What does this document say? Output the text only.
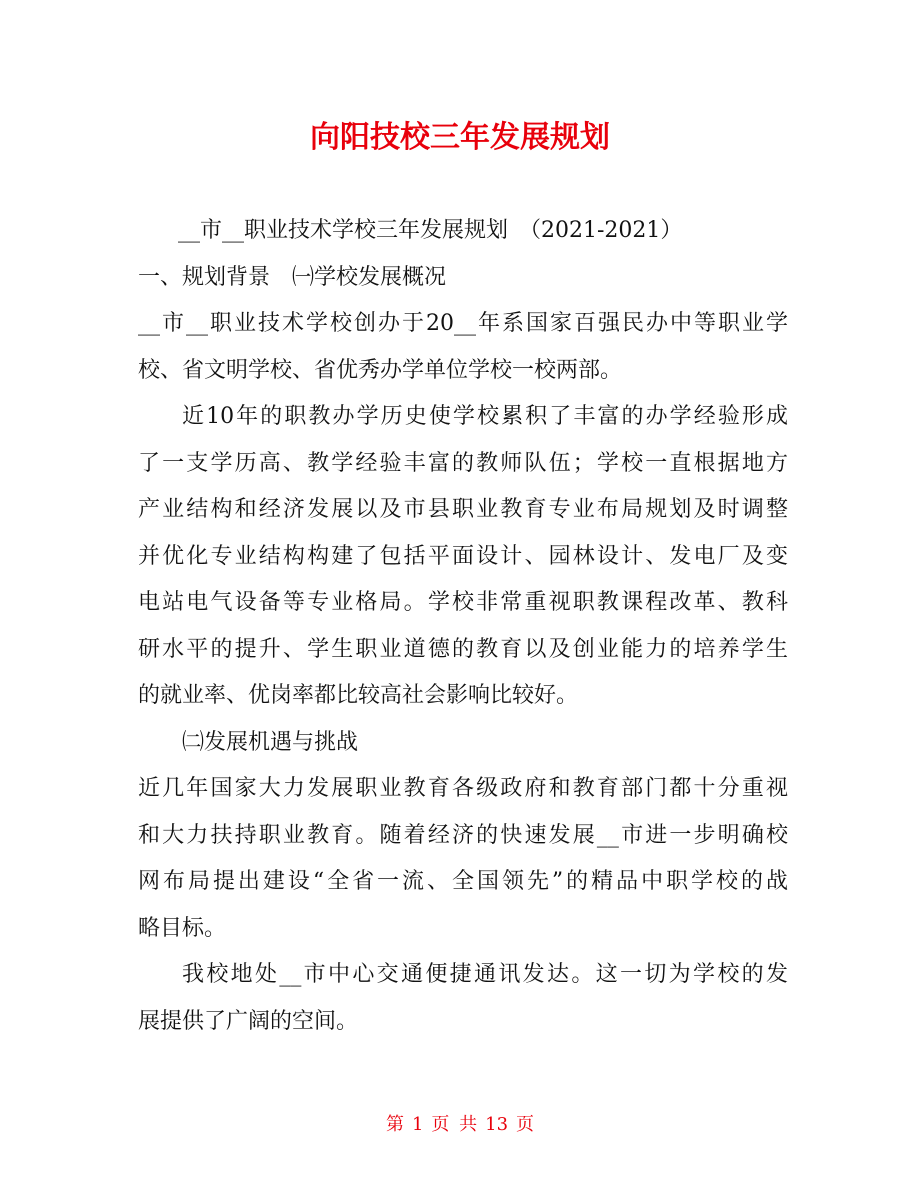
向阳技校三年发展规划
__市__职业技术学校三年发展规划　（2021-2021）
一、规划背景　㈠学校发展概况
__市__职业技术学校创办于20__年系国家百强民办中等职业学
校、省文明学校、省优秀办学单位学校一校两部。
近10年的职教办学历史使学校累积了丰富的办学经验形成
了一支学历高、教学经验丰富的教师队伍；学校一直根据地方
产业结构和经济发展以及市县职业教育专业布局规划及时调整
并优化专业结构构建了包括平面设计、园林设计、发电厂及变
电站电气设备等专业格局。学校非常重视职教课程改革、教科
研水平的提升、学生职业道德的教育以及创业能力的培养学生
的就业率、优岗率都比较高社会影响比较好。
㈡发展机遇与挑战
近几年国家大力发展职业教育各级政府和教育部门都十分重视
和大力扶持职业教育。随着经济的快速发展__市进一步明确校
网布局提出建设“全省一流、全国领先”的精品中职学校的战
略目标。
我校地处__市中心交通便捷通讯发达。这一切为学校的发
展提供了广阔的空间。
第 1 页 共 13 页
